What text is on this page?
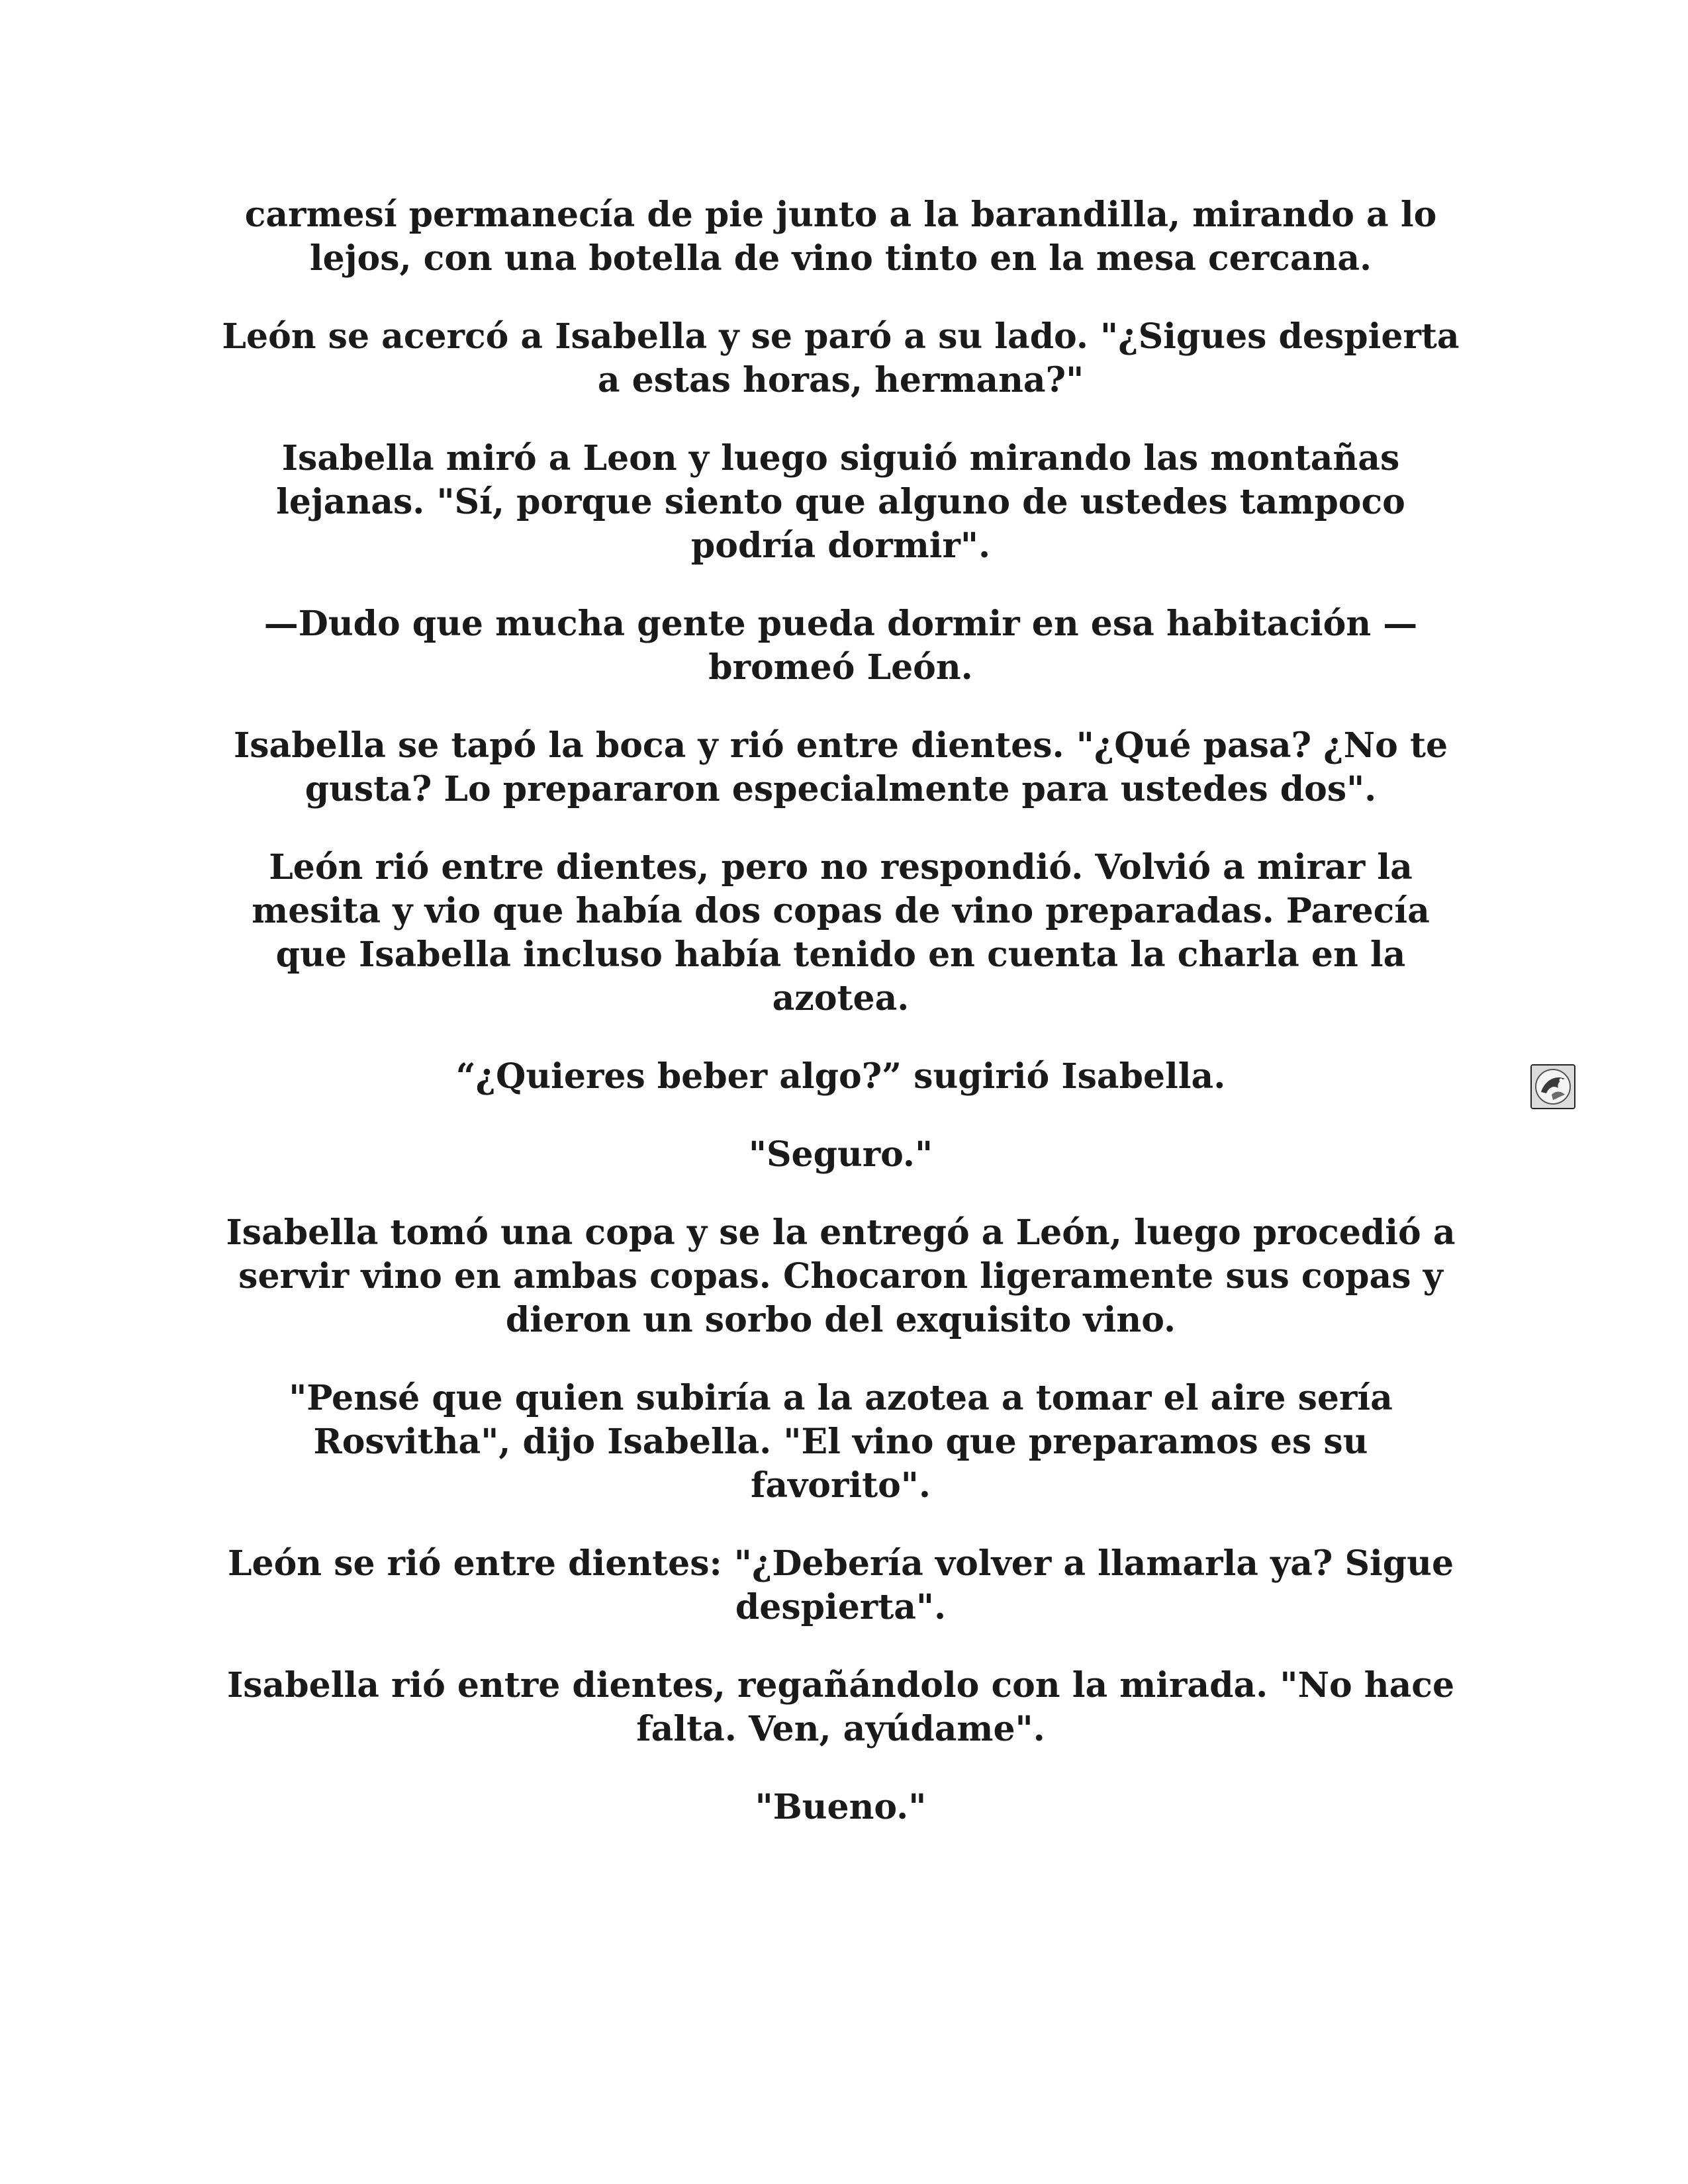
carmesí permanecía de pie junto a la barandilla, mirando a lo lejos, con una botella de vino tinto en la mesa cercana.

León se acercó a Isabella y se paró a su lado. "¿Sigues despierta a estas horas, hermana?"

Isabella miró a Leon y luego siguió mirando las montañas lejanas. "Sí, porque siento que alguno de ustedes tampoco podría dormir".

—Dudo que mucha gente pueda dormir en esa habitación —bromeó León.

Isabella se tapó la boca y rió entre dientes. "¿Qué pasa? ¿No te gusta? Lo prepararon especialmente para ustedes dos".

León rió entre dientes, pero no respondió. Volvió a mirar la mesita y vio que había dos copas de vino preparadas. Parecía que Isabella incluso había tenido en cuenta la charla en la azotea.

“¿Quieres beber algo?” sugirió Isabella.

"Seguro."

Isabella tomó una copa y se la entregó a León, luego procedió a servir vino en ambas copas. Chocaron ligeramente sus copas y dieron un sorbo del exquisito vino.

"Pensé que quien subiría a la azotea a tomar el aire sería Rosvitha", dijo Isabella. "El vino que preparamos es su favorito".

León se rió entre dientes: "¿Debería volver a llamarla ya? Sigue despierta".

Isabella rió entre dientes, regañándolo con la mirada. "No hace falta. Ven, ayúdame".

"Bueno."
